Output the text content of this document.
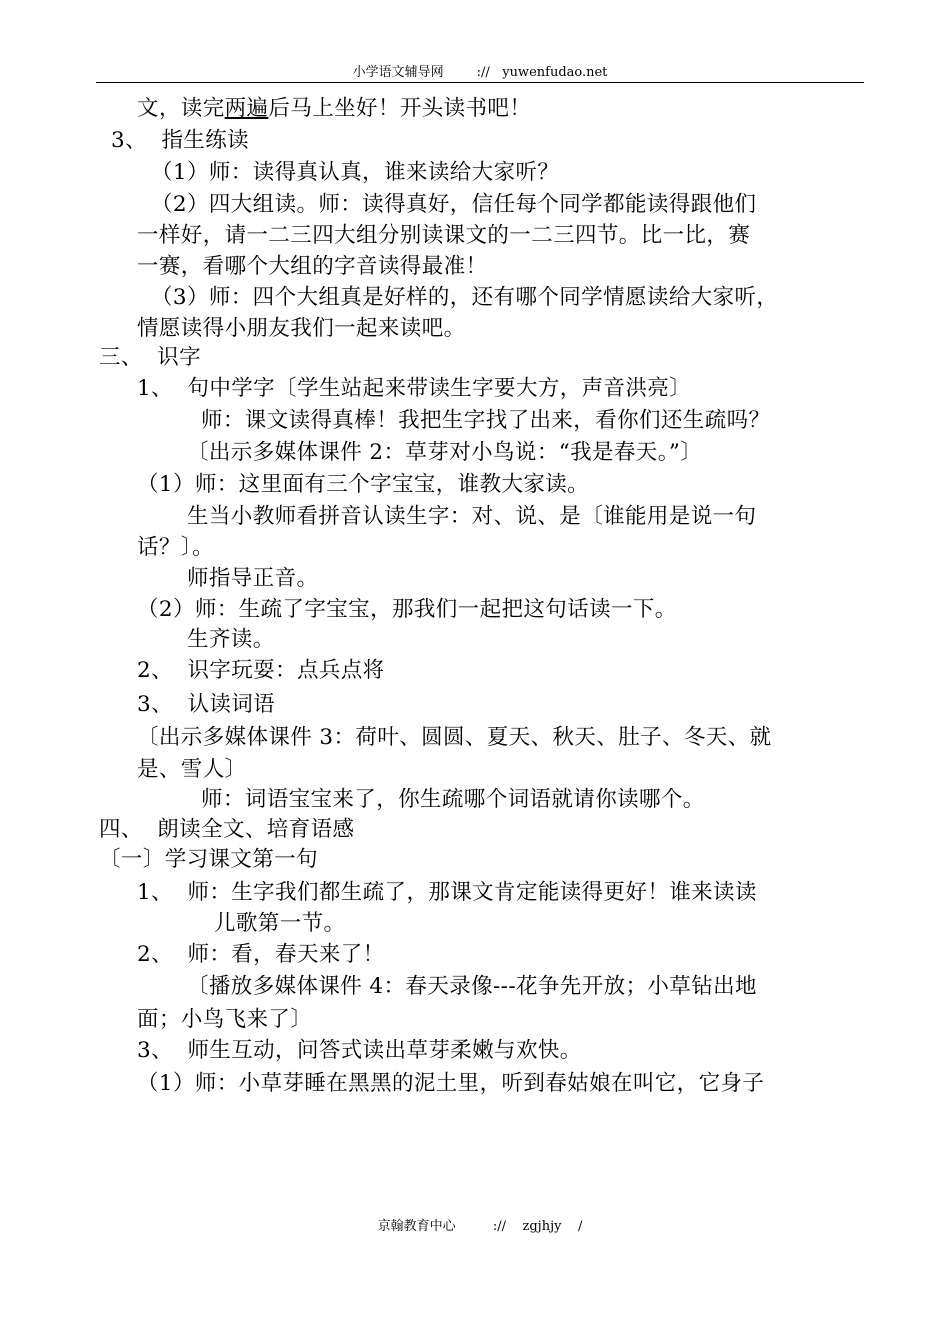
小学语文辅导网	:// yuwenfudao.net
文，读完两遍后马上坐好！开头读书吧！
3、  指生练读
（1）师：读得真认真，谁来读给大家听？
（2）四大组读。师：读得真好，信任每个同学都能读得跟他们
一样好，请一二三四大组分别读课文的一二三四节。比一比，赛
一赛，看哪个大组的字音读得最准！
（3）师：四个大组真是好样的，还有哪个同学情愿读给大家听，
情愿读得小朋友我们一起来读吧。
三、  识字
1、  句中学字〔学生站起来带读生字要大方，声音洪亮〕
师：课文读得真棒！我把生字找了出来，看你们还生疏吗？
〔出示多媒体课件 2：草芽对小鸟说：“我是春天。”〕
（1）师：这里面有三个字宝宝，谁教大家读。
生当小教师看拼音认读生字：对、说、是〔谁能用是说一句
话？〕。
师指导正音。
（2）师：生疏了字宝宝，那我们一起把这句话读一下。
生齐读。
2、  识字玩耍：点兵点将
3、  认读词语
〔出示多媒体课件 3：荷叶、圆圆、夏天、秋天、肚子、冬天、就
是、雪人〕
师：词语宝宝来了，你生疏哪个词语就请你读哪个。
四、  朗读全文、培育语感
〔一〕学习课文第一句
1、  师：生字我们都生疏了，那课文肯定能读得更好！谁来读读
儿歌第一节。
2、  师：看，春天来了！
〔播放多媒体课件 4：春天录像---花争先开放；小草钻出地
面；小鸟飞来了〕
3、  师生互动，问答式读出草芽柔嫩与欢快。
（1）师：小草芽睡在黑黑的泥土里，听到春姑娘在叫它，它身子
京翰教育中心	:// zgjhjy /
